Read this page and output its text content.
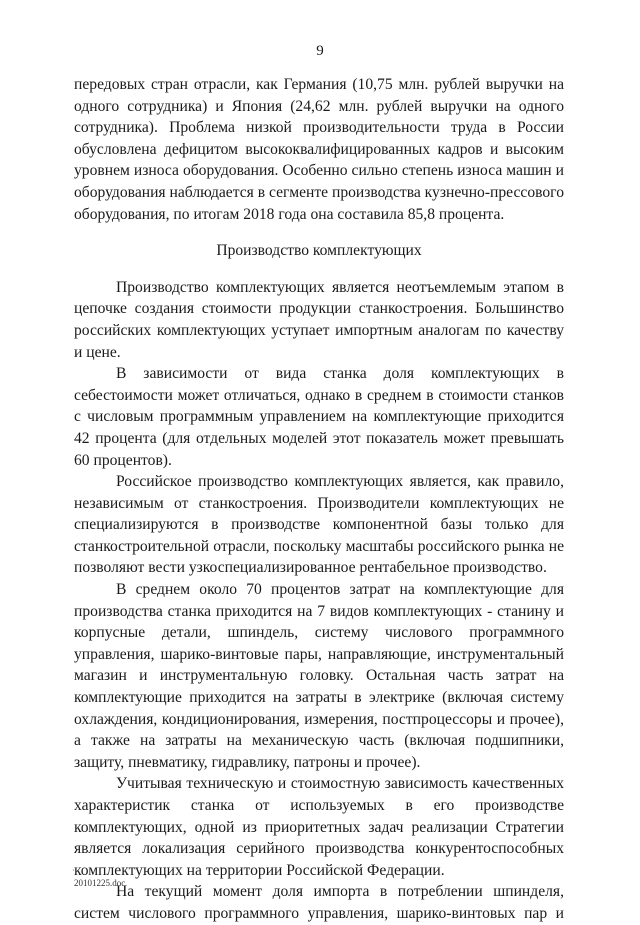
9

передовых стран отрасли, как Германия (10,75 млн. рублей выручки на одного сотрудника) и Япония (24,62 млн. рублей выручки на одного сотрудника). Проблема низкой производительности труда в России обусловлена дефицитом высококвалифицированных кадров и высоким уровнем износа оборудования. Особенно сильно степень износа машин и оборудования наблюдается в сегменте производства кузнечно-прессового оборудования, по итогам 2018 года она составила 85,8 процента.

Производство комплектующих

Производство комплектующих является неотъемлемым этапом в цепочке создания стоимости продукции станкостроения. Большинство российских комплектующих уступает импортным аналогам по качеству и цене.

В зависимости от вида станка доля комплектующих в себестоимости может отличаться, однако в среднем в стоимости станков с числовым программным управлением на комплектующие приходится 42 процента (для отдельных моделей этот показатель может превышать 60 процентов).

Российское производство комплектующих является, как правило, независимым от станкостроения. Производители комплектующих не специализируются в производстве компонентной базы только для станкостроительной отрасли, поскольку масштабы российского рынка не позволяют вести узкоспециализированное рентабельное производство.

В среднем около 70 процентов затрат на комплектующие для производства станка приходится на 7 видов комплектующих - станину и корпусные детали, шпиндель, систему числового программного управления, шарико-винтовые пары, направляющие, инструментальный магазин и инструментальную головку. Остальная часть затрат на комплектующие приходится на затраты в электрике (включая систему охлаждения, кондиционирования, измерения, постпроцессоры и прочее), а также на затраты на механическую часть (включая подшипники, защиту, пневматику, гидравлику, патроны и прочее).

Учитывая техническую и стоимостную зависимость качественных характеристик станка от используемых в его производстве комплектующих, одной из приоритетных задач реализации Стратегии является локализация серийного производства конкурентоспособных комплектующих на территории Российской Федерации.

На текущий момент доля импорта в потреблении шпинделя, систем числового программного управления, шарико-винтовых пар и

·
20101225.doc
